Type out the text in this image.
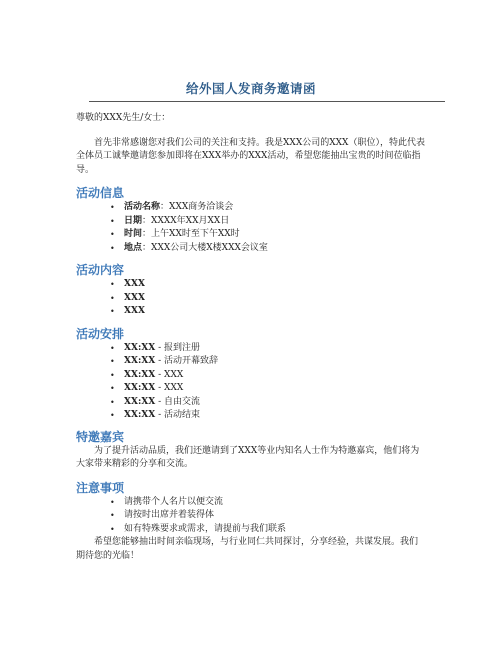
给外国人发商务邀请函
尊敬的XXX先生/女士：

首先非常感谢您对我们公司的关注和支持。我是XXX公司的XXX（职位），特此代表全体员工诚挚邀请您参加即将在XXX举办的XXX活动，希望您能抽出宝贵的时间莅临指导。

活动信息
• 活动名称：XXX商务洽谈会
• 日期：XXXX年XX月XX日
• 时间：上午XX时至下午XX时
• 地点：XXX公司大楼X楼XXX会议室
活动内容
• XXX
• XXX
• XXX
活动安排
• XX:XX - 报到注册
• XX:XX - 活动开幕致辞
• XX:XX - XXX
• XX:XX - XXX
• XX:XX - 自由交流
• XX:XX - 活动结束
特邀嘉宾

为了提升活动品质，我们还邀请到了XXX等业内知名人士作为特邀嘉宾，他们将为大家带来精彩的分享和交流。

注意事项
• 请携带个人名片以便交流
• 请按时出席并着装得体
• 如有特殊要求或需求，请提前与我们联系

希望您能够抽出时间亲临现场，与行业同仁共同探讨，分享经验，共谋发展。我们期待您的光临！
